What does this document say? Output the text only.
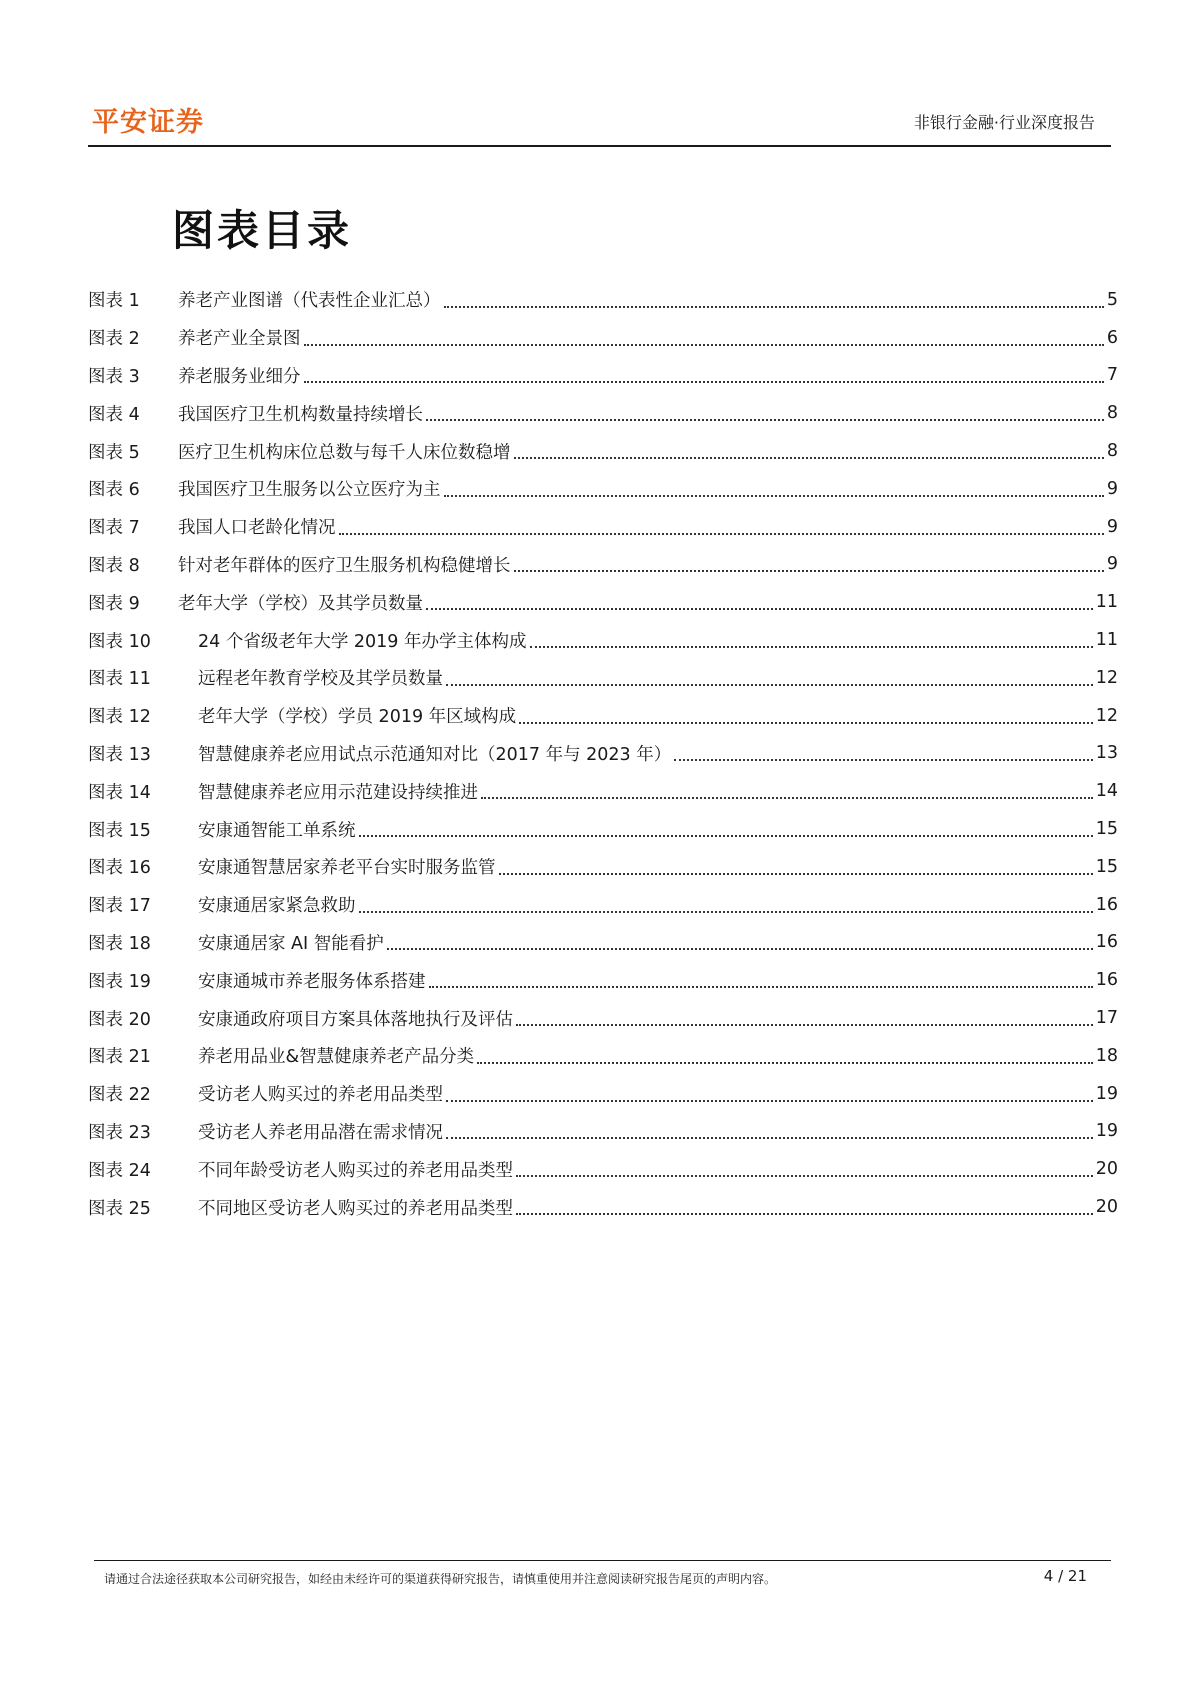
平安证券	非银行金融·行业深度报告
图表目录
图表 1	养老产业图谱（代表性企业汇总）	5
图表 2	养老产业全景图	6
图表 3	养老服务业细分	7
图表 4	我国医疗卫生机构数量持续增长	8
图表 5	医疗卫生机构床位总数与每千人床位数稳增	8
图表 6	我国医疗卫生服务以公立医疗为主	9
图表 7	我国人口老龄化情况	9
图表 8	针对老年群体的医疗卫生服务机构稳健增长	9
图表 9	老年大学（学校）及其学员数量	11
图表 10	24 个省级老年大学 2019 年办学主体构成	11
图表 11	远程老年教育学校及其学员数量	12
图表 12	老年大学（学校）学员 2019 年区域构成	12
图表 13	智慧健康养老应用试点示范通知对比（2017 年与 2023 年）	13
图表 14	智慧健康养老应用示范建设持续推进	14
图表 15	安康通智能工单系统	15
图表 16	安康通智慧居家养老平台实时服务监管	15
图表 17	安康通居家紧急救助	16
图表 18	安康通居家 AI 智能看护	16
图表 19	安康通城市养老服务体系搭建	16
图表 20	安康通政府项目方案具体落地执行及评估	17
图表 21	养老用品业&智慧健康养老产品分类	18
图表 22	受访老人购买过的养老用品类型	19
图表 23	受访老人养老用品潜在需求情况	19
图表 24	不同年龄受访老人购买过的养老用品类型	20
图表 25	不同地区受访老人购买过的养老用品类型	20
请通过合法途径获取本公司研究报告，如经由未经许可的渠道获得研究报告，请慎重使用并注意阅读研究报告尾页的声明内容。	4 / 21
